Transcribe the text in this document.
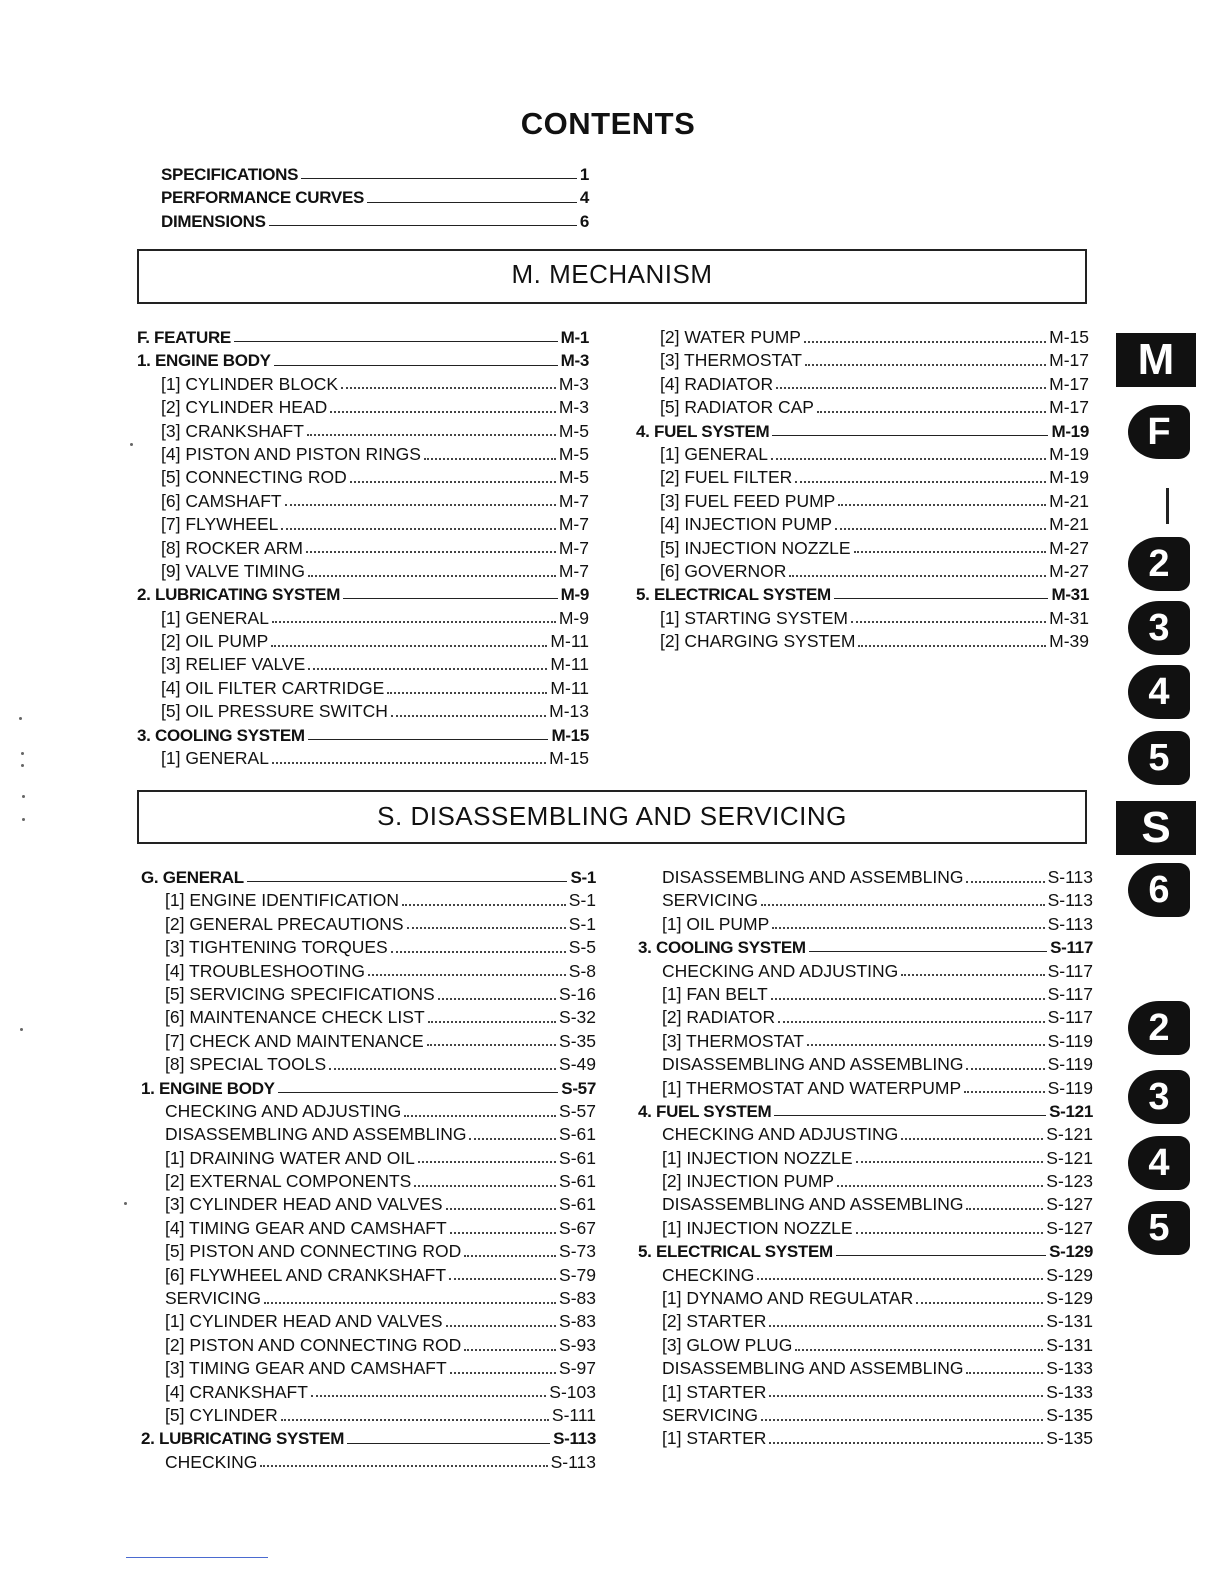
CONTENTS
SPECIFICATIONS	1
PERFORMANCE CURVES	4
DIMENSIONS	6
M. MECHANISM
F. FEATURE	M-1
1. ENGINE BODY	M-3
[1] CYLINDER BLOCK	M-3
[2] CYLINDER HEAD	M-3
[3] CRANKSHAFT	M-5
[4] PISTON AND PISTON RINGS	M-5
[5] CONNECTING ROD	M-5
[6] CAMSHAFT	M-7
[7] FLYWHEEL	M-7
[8] ROCKER ARM	M-7
[9] VALVE TIMING	M-7
2. LUBRICATING SYSTEM	M-9
[1] GENERAL	M-9
[2] OIL PUMP	M-11
[3] RELIEF VALVE	M-11
[4] OIL FILTER CARTRIDGE	M-11
[5] OIL PRESSURE SWITCH	M-13
3. COOLING SYSTEM	M-15
[1] GENERAL	M-15
[2] WATER PUMP	M-15
[3] THERMOSTAT	M-17
[4] RADIATOR	M-17
[5] RADIATOR CAP	M-17
4. FUEL SYSTEM	M-19
[1] GENERAL	M-19
[2] FUEL FILTER	M-19
[3] FUEL FEED PUMP	M-21
[4] INJECTION PUMP	M-21
[5] INJECTION NOZZLE	M-27
[6] GOVERNOR	M-27
5. ELECTRICAL SYSTEM	M-31
[1] STARTING SYSTEM	M-31
[2] CHARGING SYSTEM	M-39
S. DISASSEMBLING AND SERVICING
G. GENERAL	S-1
[1] ENGINE IDENTIFICATION	S-1
[2] GENERAL PRECAUTIONS	S-1
[3] TIGHTENING TORQUES	S-5
[4] TROUBLESHOOTING	S-8
[5] SERVICING SPECIFICATIONS	S-16
[6] MAINTENANCE CHECK LIST	S-32
[7] CHECK AND MAINTENANCE	S-35
[8] SPECIAL TOOLS	S-49
1. ENGINE BODY	S-57
CHECKING AND ADJUSTING	S-57
DISASSEMBLING AND ASSEMBLING	S-61
[1] DRAINING WATER AND OIL	S-61
[2] EXTERNAL COMPONENTS	S-61
[3] CYLINDER HEAD AND VALVES	S-61
[4] TIMING GEAR AND CAMSHAFT	S-67
[5] PISTON AND CONNECTING ROD	S-73
[6] FLYWHEEL AND CRANKSHAFT	S-79
SERVICING	S-83
[1] CYLINDER HEAD AND VALVES	S-83
[2] PISTON AND CONNECTING ROD	S-93
[3] TIMING GEAR AND CAMSHAFT	S-97
[4] CRANKSHAFT	S-103
[5] CYLINDER	S-111
2. LUBRICATING SYSTEM	S-113
CHECKING	S-113
DISASSEMBLING AND ASSEMBLING	S-113
SERVICING	S-113
[1] OIL PUMP	S-113
3. COOLING SYSTEM	S-117
CHECKING AND ADJUSTING	S-117
[1] FAN BELT	S-117
[2] RADIATOR	S-117
[3] THERMOSTAT	S-119
DISASSEMBLING AND ASSEMBLING	S-119
[1] THERMOSTAT AND WATERPUMP	S-119
4. FUEL SYSTEM	S-121
CHECKING AND ADJUSTING	S-121
[1] INJECTION NOZZLE	S-121
[2] INJECTION PUMP	S-123
DISASSEMBLING AND ASSEMBLING	S-127
[1] INJECTION NOZZLE	S-127
5. ELECTRICAL SYSTEM	S-129
CHECKING	S-129
[1] DYNAMO AND REGULATAR	S-129
[2] STARTER	S-131
[3] GLOW PLUG	S-131
DISASSEMBLING AND ASSEMBLING	S-133
[1] STARTER	S-133
SERVICING	S-135
[1] STARTER	S-135
M
F
2
3
4
5
S
6
2
3
4
5
